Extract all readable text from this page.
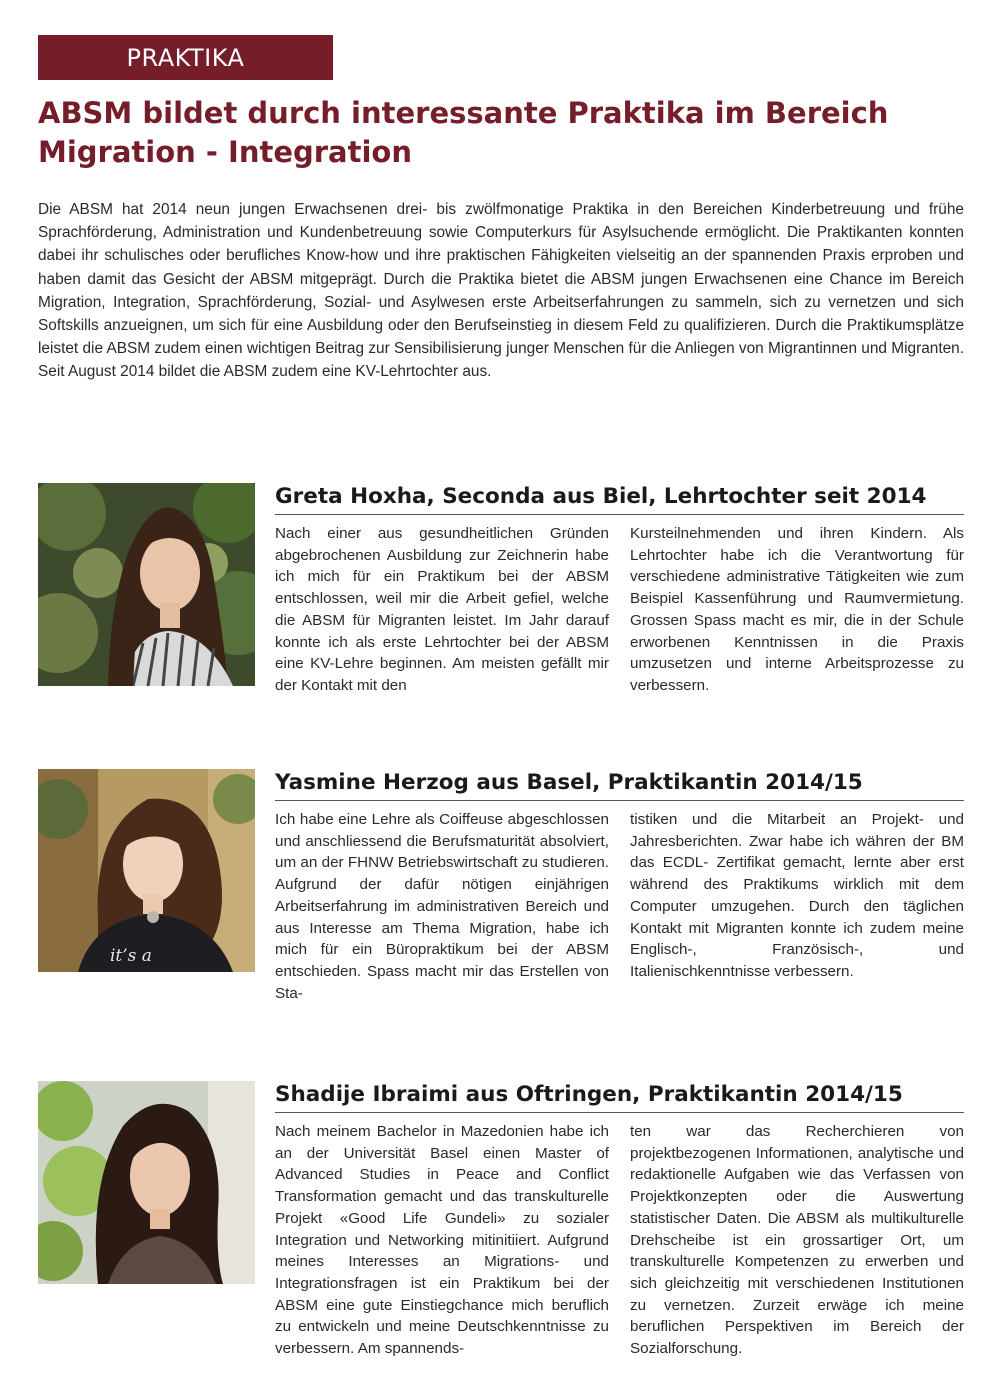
PRAKTIKA
ABSM bildet durch interessante Praktika im Bereich Migration - Integration

Die ABSM hat 2014 neun jungen Erwachsenen drei- bis zwölfmonatige Praktika in den Bereichen Kinderbetreuung und frühe Sprachförderung, Administration und Kundenbetreuung sowie Computerkurs für Asylsuchende ermöglicht. Die Praktikanten konnten dabei ihr schulisches oder berufliches Know-how und ihre praktischen Fähigkeiten vielseitig an der spannenden Praxis erproben und haben damit das Gesicht der ABSM mitgeprägt. Durch die Praktika bietet die ABSM jungen Erwachsenen eine Chance im Bereich Migration, Integration, Sprachförderung, Sozial- und Asylwesen erste Arbeitserfahrungen zu sammeln, sich zu vernetzen und sich Softskills anzueignen, um sich für eine Ausbildung oder den Berufseinstieg in diesem Feld zu qualifizieren. Durch die Praktikumsplätze leistet die ABSM zudem einen wichtigen Beitrag zur Sensibilisierung junger Menschen für die Anliegen von Migrantinnen und Migranten. Seit August 2014 bildet die ABSM zudem eine KV-Lehrtochter aus.

Greta Hoxha, Seconda aus Biel, Lehrtochter seit 2014

Nach einer aus gesundheitlichen Gründen abgebrochenen Ausbildung zur Zeichnerin habe ich mich für ein Praktikum bei der ABSM entschlossen, weil mir die Arbeit gefiel, welche die ABSM für Migranten leistet. Im Jahr darauf konnte ich als erste Lehrtochter bei der ABSM eine KV-Lehre beginnen. Am meisten gefällt mir der Kontakt mit den

Kursteilnehmenden und ihren Kindern. Als Lehrtochter habe ich die Verantwortung für verschiedene administrative Tätigkeiten wie zum Beispiel Kassenführung und Raumvermietung. Grossen Spass macht es mir, die in der Schule erworbenen Kenntnissen in die Praxis umzusetzen und interne Arbeitsprozesse zu verbessern.

it’s a
Yasmine Herzog aus Basel, Praktikantin 2014/15

Ich habe eine Lehre als Coiffeuse abgeschlossen und anschliessend die Berufsmaturität absolviert, um an der FHNW Betriebswirtschaft zu studieren. Aufgrund der dafür nötigen einjährigen Arbeitserfahrung im administrativen Bereich und aus Interesse am Thema Migration, habe ich mich für ein Büropraktikum bei der ABSM entschieden. Spass macht mir das Erstellen von Sta-

tistiken und die Mitarbeit an Projekt- und Jahresberichten. Zwar habe ich währen der BM das ECDL- Zertifikat gemacht, lernte aber erst während des Praktikums wirklich mit dem Computer umzugehen. Durch den täglichen Kontakt mit Migranten konnte ich zudem meine Englisch-, Französisch-, und Italienischkenntnisse verbessern.

Shadije Ibraimi aus Oftringen, Praktikantin 2014/15

Nach meinem Bachelor in Mazedonien habe ich an der Universität Basel einen Master of Advanced Studies in Peace and Conflict Transformation gemacht und das transkulturelle Projekt «Good Life Gundeli» zu sozialer Integration und Networking mitinitiiert. Aufgrund meines Interesses an Migrations- und Integrationsfragen ist ein Praktikum bei der ABSM eine gute Einstiegchance mich beruflich zu entwickeln und meine Deutschkenntnisse zu verbessern. Am spannends-

ten war das Recherchieren von projektbezogenen Informationen, analytische und redaktionelle Aufgaben wie das Verfassen von Projektkonzepten oder die Auswertung statistischer Daten. Die ABSM als multikulturelle Drehscheibe ist ein grossartiger Ort, um transkulturelle Kompetenzen zu erwerben und sich gleichzeitig mit verschiedenen Institutionen zu vernetzen. Zurzeit erwäge ich meine beruflichen Perspektiven im Bereich der Sozialforschung.
